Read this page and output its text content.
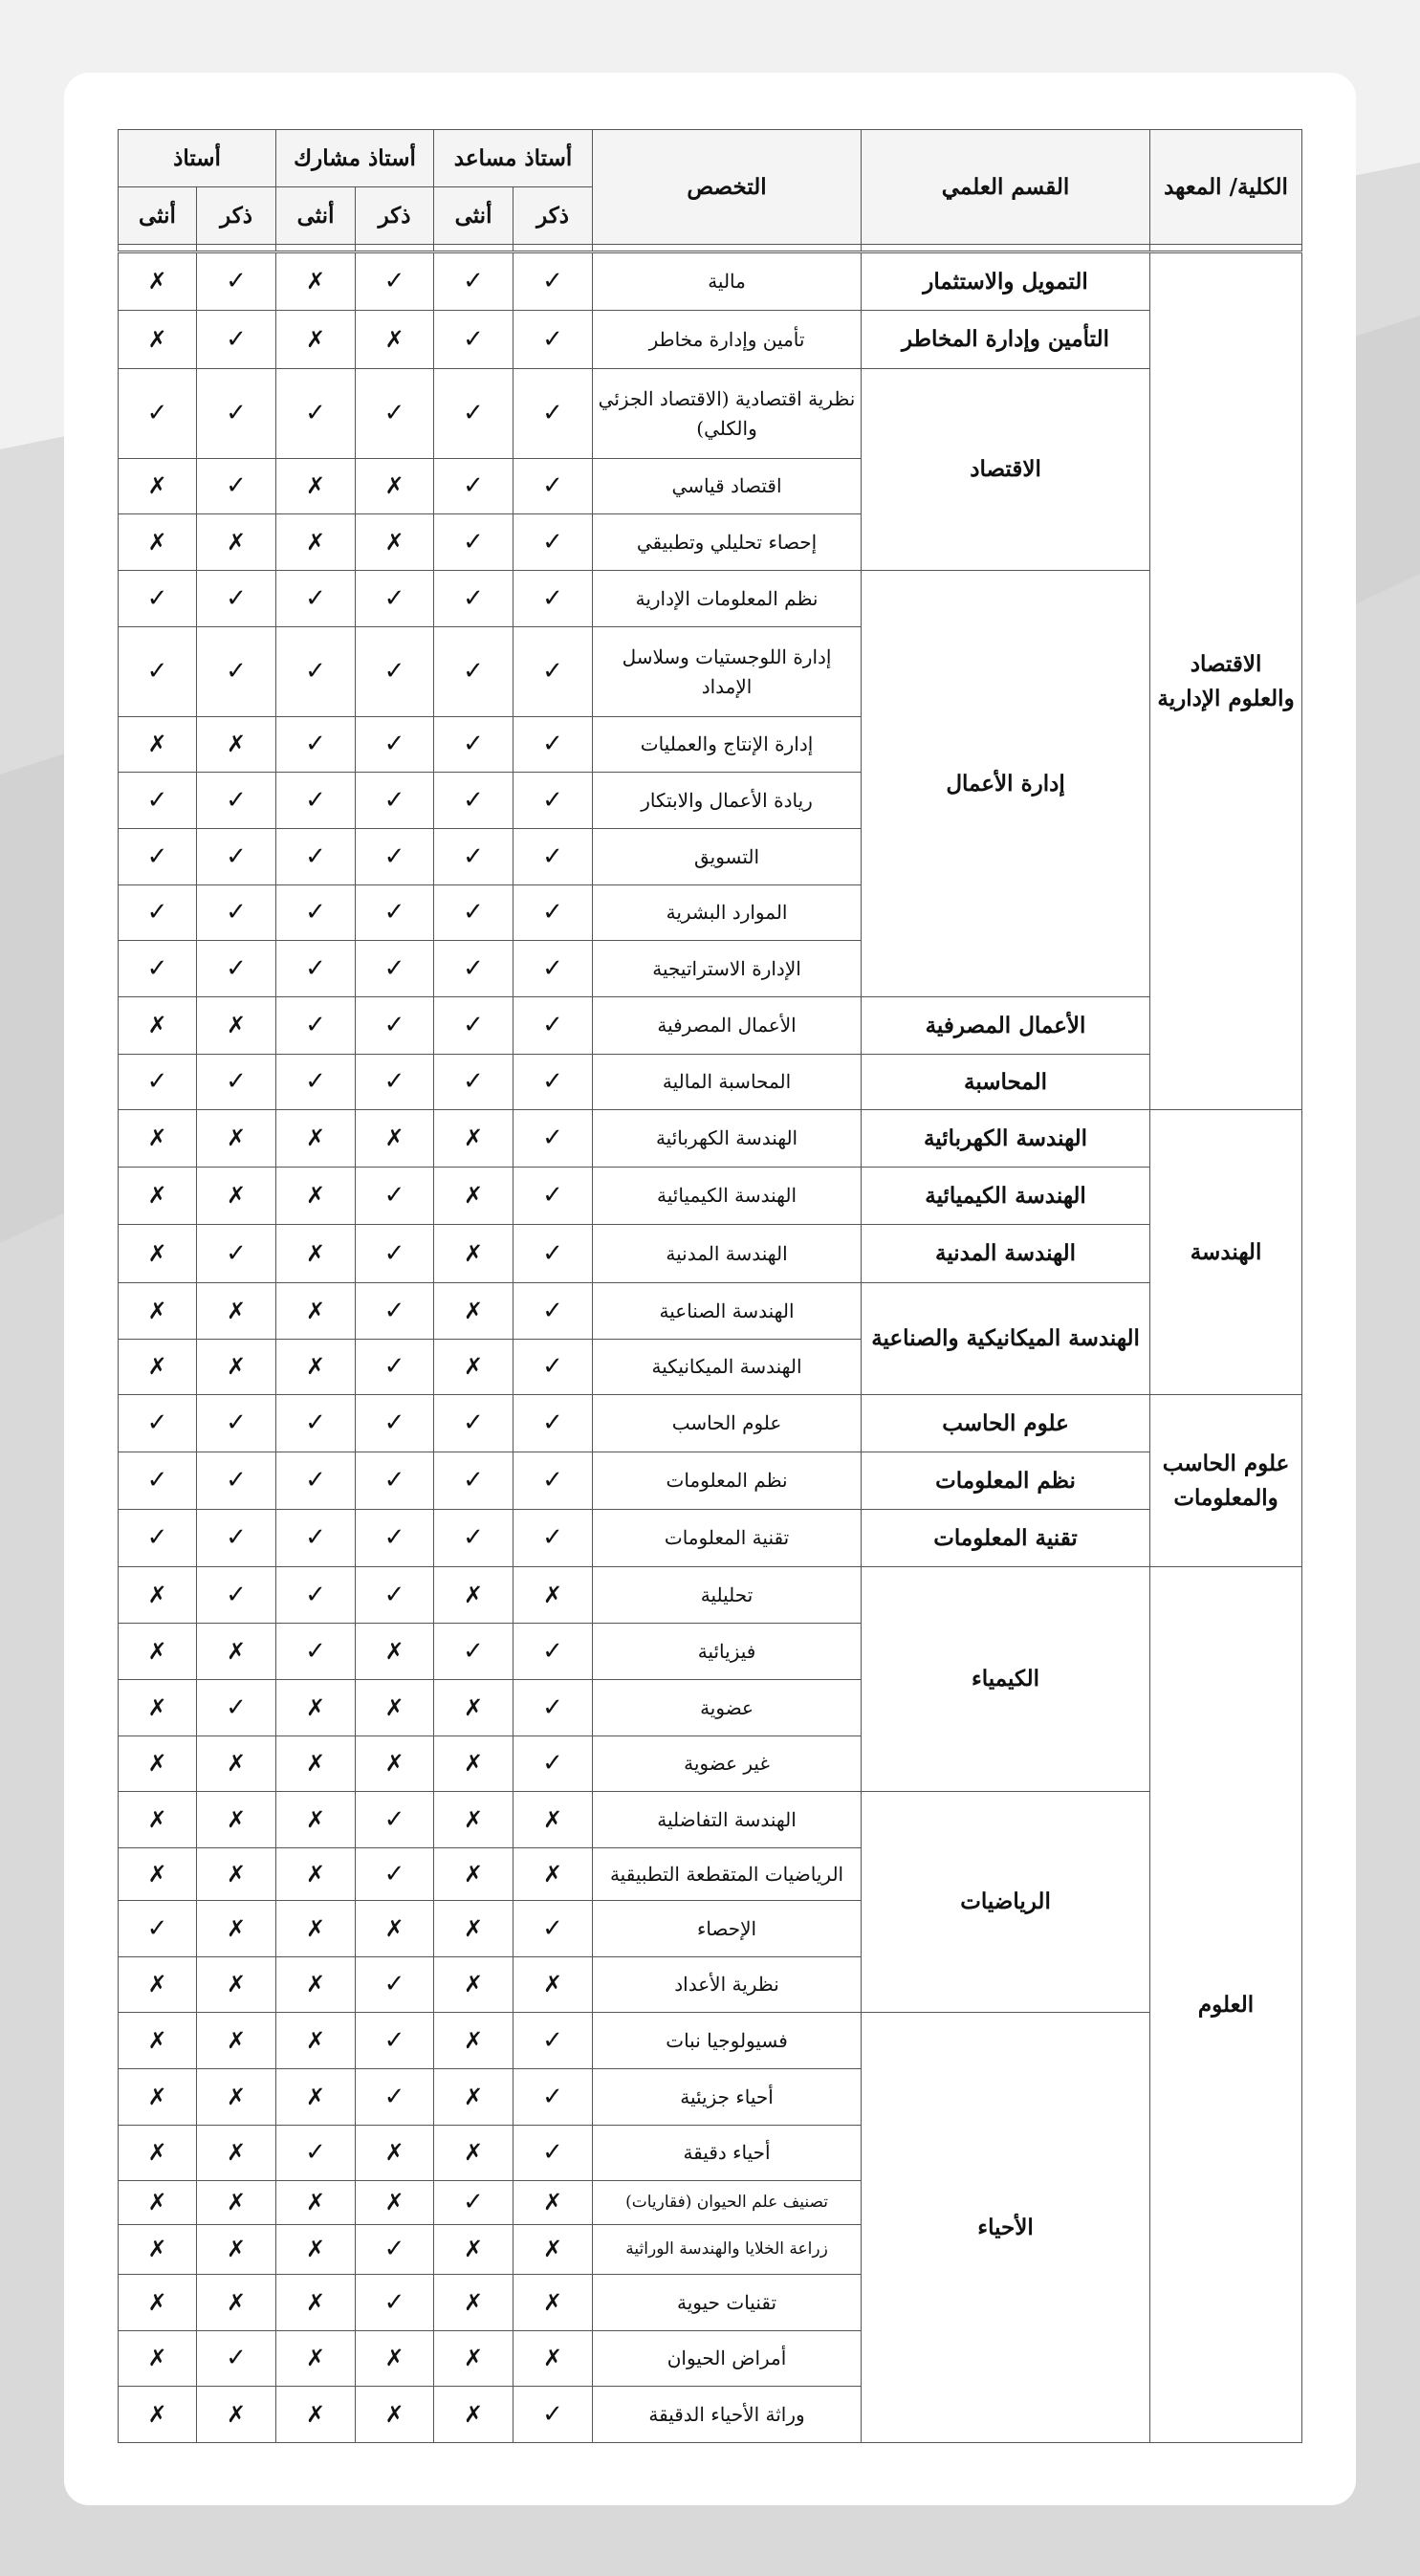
الكلية/ المعهد	القسم العلمي	التخصص	أستاذ مساعد		أستاذ مشارك		أستاذ	
			ذكر	أنثى	ذكر	أنثى	ذكر	أنثى

الاقتصاد والعلوم الإدارية	التمويل والاستثمار	مالية	✓	✓	✓	✗	✓	✗
	التأمين وإدارة المخاطر	تأمين وإدارة مخاطر	✓	✓	✗	✗	✓	✗
	الاقتصاد	نظرية اقتصادية (الاقتصاد الجزئي والكلي)	✓	✓	✓	✓	✓	✓
		اقتصاد قياسي	✓	✓	✗	✗	✓	✗
		إحصاء تحليلي وتطبيقي	✓	✓	✗	✗	✗	✗
	إدارة الأعمال	نظم المعلومات الإدارية	✓	✓	✓	✓	✓	✓
		إدارة اللوجستيات وسلاسل الإمداد	✓	✓	✓	✓	✓	✓
		إدارة الإنتاج والعمليات	✓	✓	✓	✓	✗	✗
		ريادة الأعمال والابتكار	✓	✓	✓	✓	✓	✓
		التسويق	✓	✓	✓	✓	✓	✓
		الموارد البشرية	✓	✓	✓	✓	✓	✓
		الإدارة الاستراتيجية	✓	✓	✓	✓	✓	✓
	الأعمال المصرفية	الأعمال المصرفية	✓	✓	✓	✓	✗	✗
	المحاسبة	المحاسبة المالية	✓	✓	✓	✓	✓	✓
الهندسة	الهندسة الكهربائية	الهندسة الكهربائية	✓	✗	✗	✗	✗	✗
	الهندسة الكيميائية	الهندسة الكيميائية	✓	✗	✓	✗	✗	✗
	الهندسة المدنية	الهندسة المدنية	✓	✗	✓	✗	✓	✗
	الهندسة الميكانيكية والصناعية	الهندسة الصناعية	✓	✗	✓	✗	✗	✗
		الهندسة الميكانيكية	✓	✗	✓	✗	✗	✗
علوم الحاسب والمعلومات	علوم الحاسب	علوم الحاسب	✓	✓	✓	✓	✓	✓
	نظم المعلومات	نظم المعلومات	✓	✓	✓	✓	✓	✓
	تقنية المعلومات	تقنية المعلومات	✓	✓	✓	✓	✓	✓
العلوم	الكيمياء	تحليلية	✗	✗	✓	✓	✓	✗
		فيزيائية	✓	✓	✗	✓	✗	✗
		عضوية	✓	✗	✗	✗	✓	✗
		غير عضوية	✓	✗	✗	✗	✗	✗
	الرياضيات	الهندسة التفاضلية	✗	✗	✓	✗	✗	✗
		الرياضيات المتقطعة التطبيقية	✗	✗	✓	✗	✗	✗
		الإحصاء	✓	✗	✗	✗	✗	✓
		نظرية الأعداد	✗	✗	✓	✗	✗	✗
	الأحياء	فسيولوجيا نبات	✓	✗	✓	✗	✗	✗
		أحياء جزيئية	✓	✗	✓	✗	✗	✗
		أحياء دقيقة	✓	✗	✗	✓	✗	✗
		تصنيف علم الحيوان (فقاريات)	✗	✓	✗	✗	✗	✗
		زراعة الخلايا والهندسة الوراثية	✗	✗	✓	✗	✗	✗
		تقنيات حيوية	✗	✗	✓	✗	✗	✗
		أمراض الحيوان	✗	✗	✗	✗	✓	✗
		وراثة الأحياء الدقيقة	✓	✗	✗	✗	✗	✗
